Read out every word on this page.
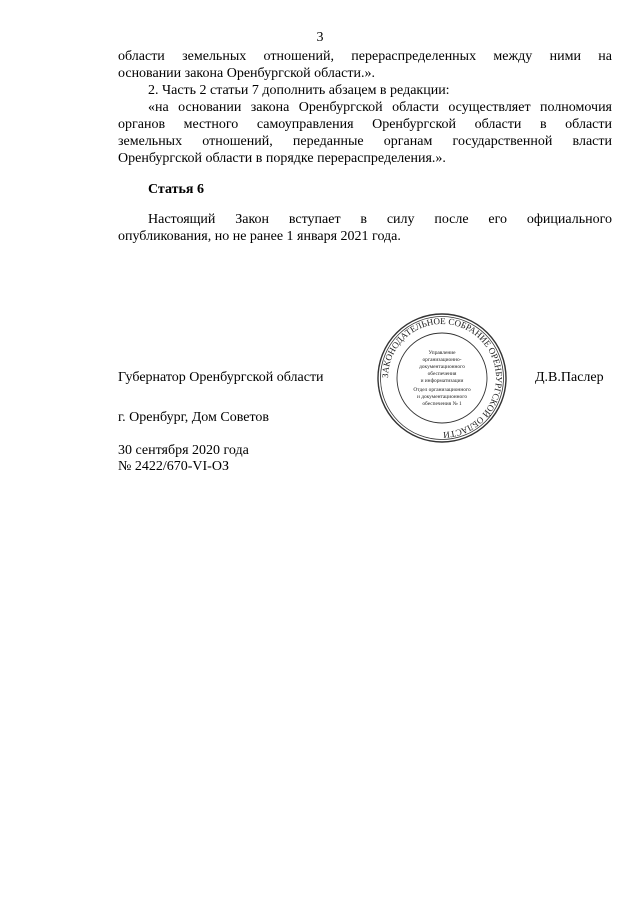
3
области земельных отношений, перераспределенных между ними на
основании закона Оренбургской области.».
2. Часть 2 статьи 7 дополнить абзацем в редакции:
«на основании закона Оренбургской области осуществляет полномочия
органов местного самоуправления Оренбургской области в области
земельных отношений, переданные органам государственной власти
Оренбургской области в порядке перераспределения.».
Статья 6
Настоящий Закон вступает в силу после его официального
опубликования, но не ранее 1 января 2021 года.
Губернатор Оренбургской области	Д.В.Паслер
г. Оренбург, Дом Советов
30 сентября 2020 года
№ 2422/670-VI-ОЗ
ЗАКОНОДАТЕЛЬНОЕ СОБРАНИЕ ОРЕНБУРГСКОЙ ОБЛАСТИ
Управление
организационно-
документационного
обеспечения
и информатизации
Отдел организационного
и документационного
обеспечения № 1
